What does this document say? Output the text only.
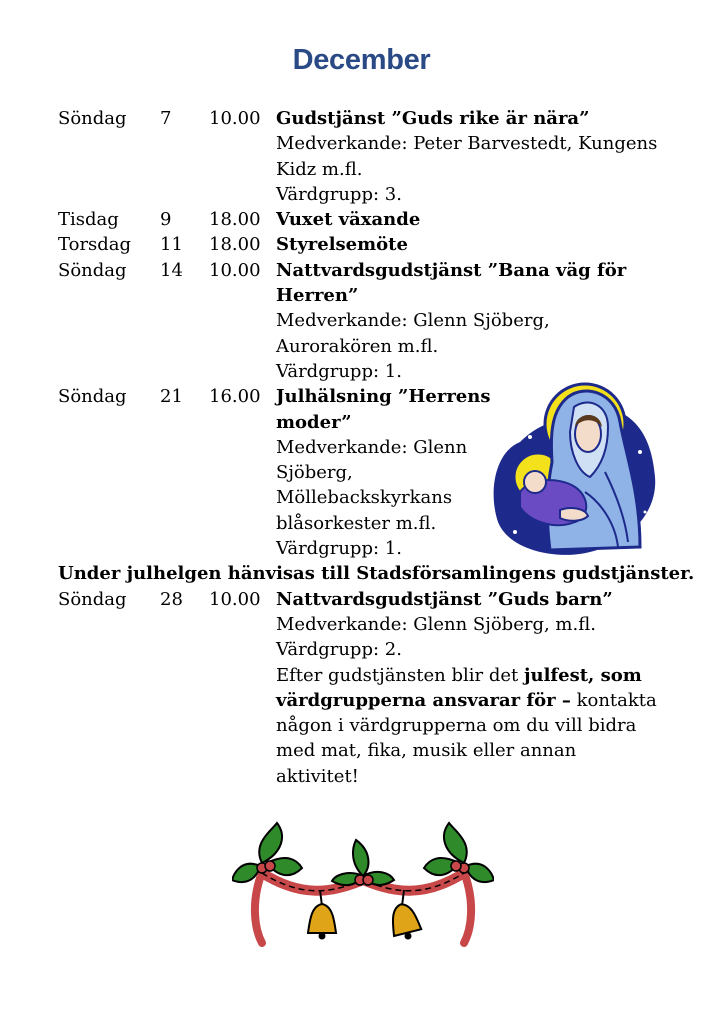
December
Söndag 7 10.00 Gudstjänst ”Guds rike är nära”
Medverkande: Peter Barvestedt, Kungens
Kidz m.fl.
Värdgrupp: 3.
Tisdag 9 18.00 Vuxet växande
Torsdag 11 18.00 Styrelsemöte
Söndag 14 10.00 Nattvardsgudstjänst ”Bana väg för
Herren”
Medverkande: Glenn Sjöberg,
Aurorakören m.fl.
Värdgrupp: 1.
Söndag 21 16.00 Julhälsning ”Herrens
moder”
Medverkande: Glenn
Sjöberg,
Möllebackskyrkans
blåsorkester m.fl.
Värdgrupp: 1.
Under julhelgen hänvisas till Stadsförsamlingens gudstjänster.
Söndag 28 10.00 Nattvardsgudstjänst ”Guds barn”
Medverkande: Glenn Sjöberg, m.fl.
Värdgrupp: 2.
Efter gudstjänsten blir det julfest, som
värdgrupperna ansvarar för – kontakta
någon i värdgrupperna om du vill bidra
med mat, fika, musik eller annan
aktivitet!
